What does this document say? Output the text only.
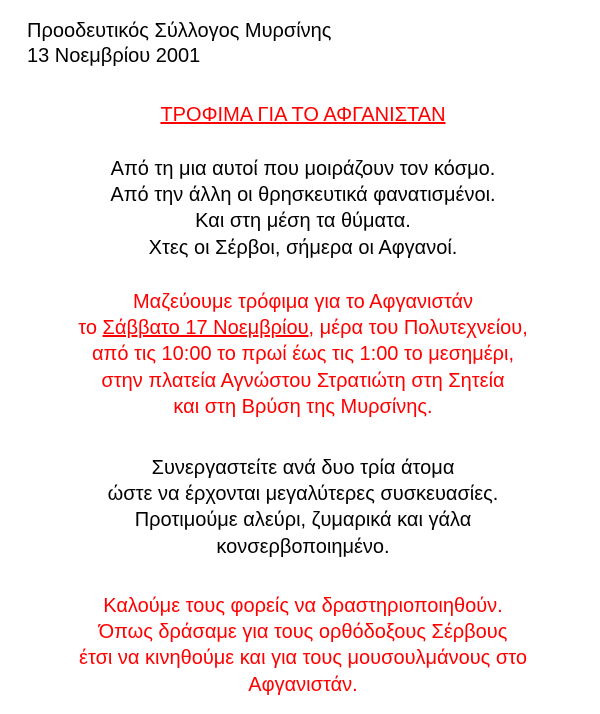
Προοδευτικός Σύλλογος Μυρσίνης
13 Νοεμβρίου 2001
ΤΡΟΦΙΜΑ ΓΙΑ ΤΟ ΑΦΓΑΝΙΣΤΑΝ
Από τη μια αυτοί που μοιράζουν τον κόσμο.
Από την άλλη οι θρησκευτικά φανατισμένοι.
Και στη μέση τα θύματα.
Χτες οι Σέρβοι, σήμερα οι Αφγανοί.
Μαζεύουμε τρόφιμα για το Αφγανιστάν
το Σάββατο 17 Νοεμβρίου, μέρα του Πολυτεχνείου,
από τις 10:00 το πρωί έως τις 1:00 το μεσημέρι,
στην πλατεία Αγνώστου Στρατιώτη στη Σητεία
και στη Βρύση της Μυρσίνης.
Συνεργαστείτε ανά δυο τρία άτομα
ώστε να έρχονται μεγαλύτερες συσκευασίες.
Προτιμούμε αλεύρι, ζυμαρικά και γάλα
κονσερβοποιημένο.
Καλούμε τους φορείς να δραστηριοποιηθούν.
Όπως δράσαμε για τους ορθόδοξους Σέρβους
έτσι να κινηθούμε και για τους μουσουλμάνους στο
Αφγανιστάν.
